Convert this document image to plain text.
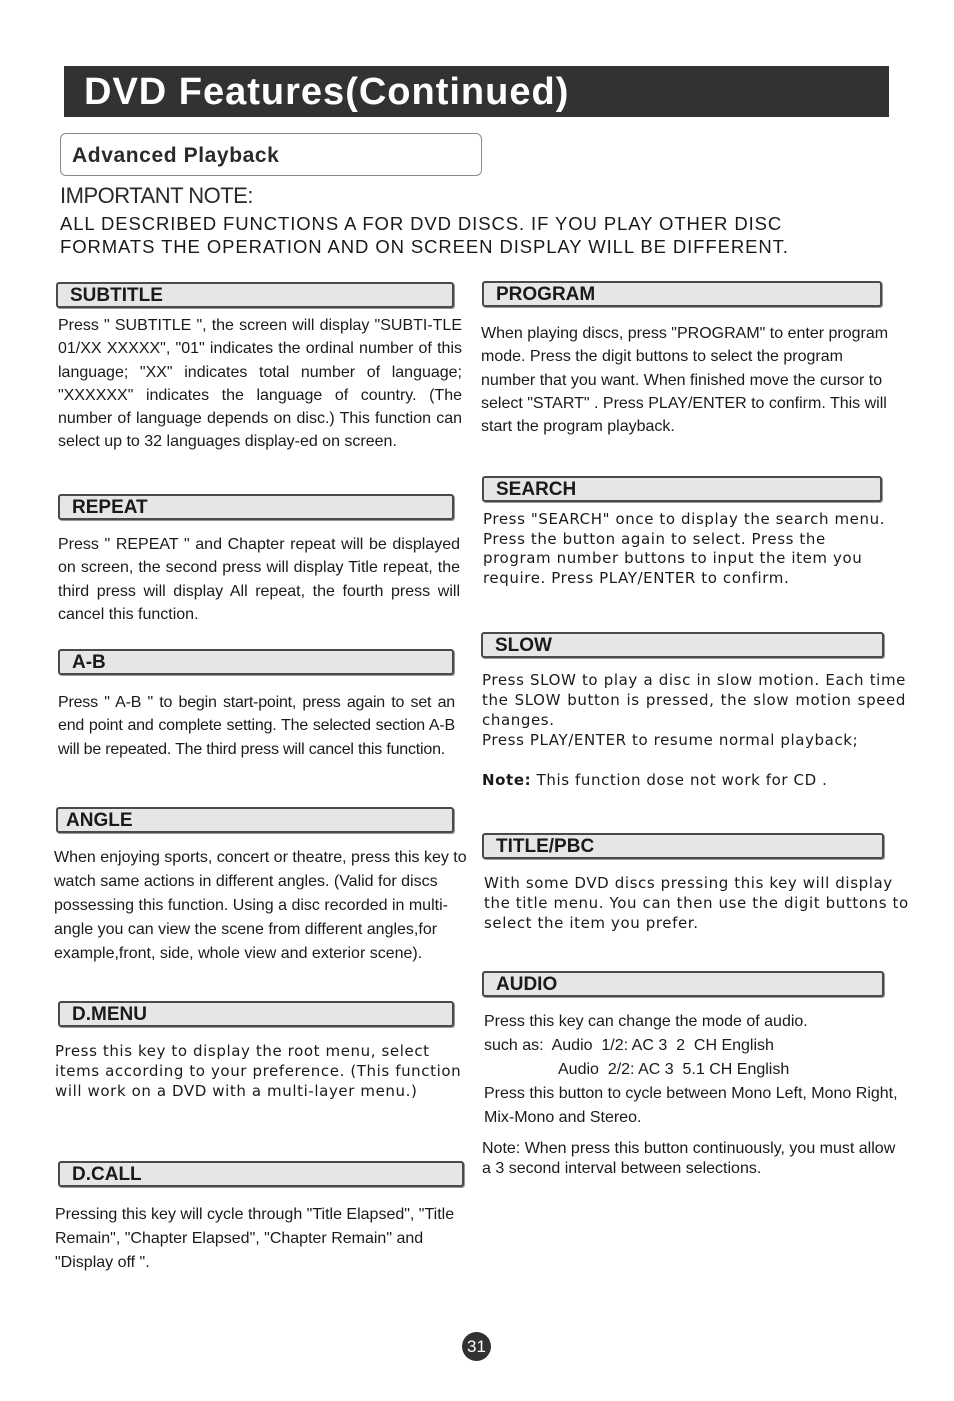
DVD Features(Continued)
Advanced Playback
IMPORTANT NOTE:
ALL DESCRIBED FUNCTIONS A FOR DVD DISCS. IF YOU PLAY OTHER DISC
FORMATS THE OPERATION AND ON SCREEN DISPLAY WILL BE DIFFERENT.
SUBTITLE
Press " SUBTITLE ", the screen will display "SUBTI-TLE 01/XX XXXXX", "01" indicates the ordinal number of this language; "XX" indicates total number of language; "XXXXXX" indicates the language of country. (The number of language depends on disc.) This function can select up to 32 languages display-ed on screen.
REPEAT
Press " REPEAT " and Chapter repeat will be displayed on screen, the second press will display Title repeat, the third press will display All repeat, the fourth press will cancel this function.
A-B
Press " A-B " to begin start-point, press again to set an end point and complete setting. The selected section A-B will be repeated. The third press will cancel this function.
ANGLE
When enjoying sports, concert or theatre, press this key to watch same actions in different angles. (Valid for discs possessing this function. Using a disc recorded in multi-angle you can view the scene from different angles,for example,front, side, whole view and exterior scene).
D.MENU
Press this key to display the root menu, select items according to your preference. (This function will work on a DVD with a multi-layer menu.)
D.CALL
Pressing this key will cycle through "Title Elapsed", "Title Remain", "Chapter Elapsed", "Chapter Remain" and "Display off ".
PROGRAM
When playing discs, press "PROGRAM" to enter program mode. Press the digit buttons to select the program number that you want. When finished move the cursor to select "START" . Press PLAY/ENTER to confirm. This will start the program playback.
SEARCH
Press "SEARCH" once to display the search menu. Press the button again to select. Press the program number buttons to input the item you require. Press PLAY/ENTER to confirm.
SLOW

Press SLOW to play a disc in slow motion. Each time the SLOW button is pressed, the slow motion speed changes.

Press PLAY/ENTER to resume normal playback;

Note: This function dose not work for CD .

TITLE/PBC
With some DVD discs pressing this key will display the title menu. You can then use the digit buttons to select the item you prefer.
AUDIO

Press this key can change the mode of audio.

such as:  Audio  1/2: AC 3  2  CH English

Audio  2/2: AC 3  5.1 CH English

Press this button to cycle between Mono Left, Mono Right, Mix-Mono and Stereo.

Note: When press this button continuously, you must allow a 3 second interval between selections.
31
